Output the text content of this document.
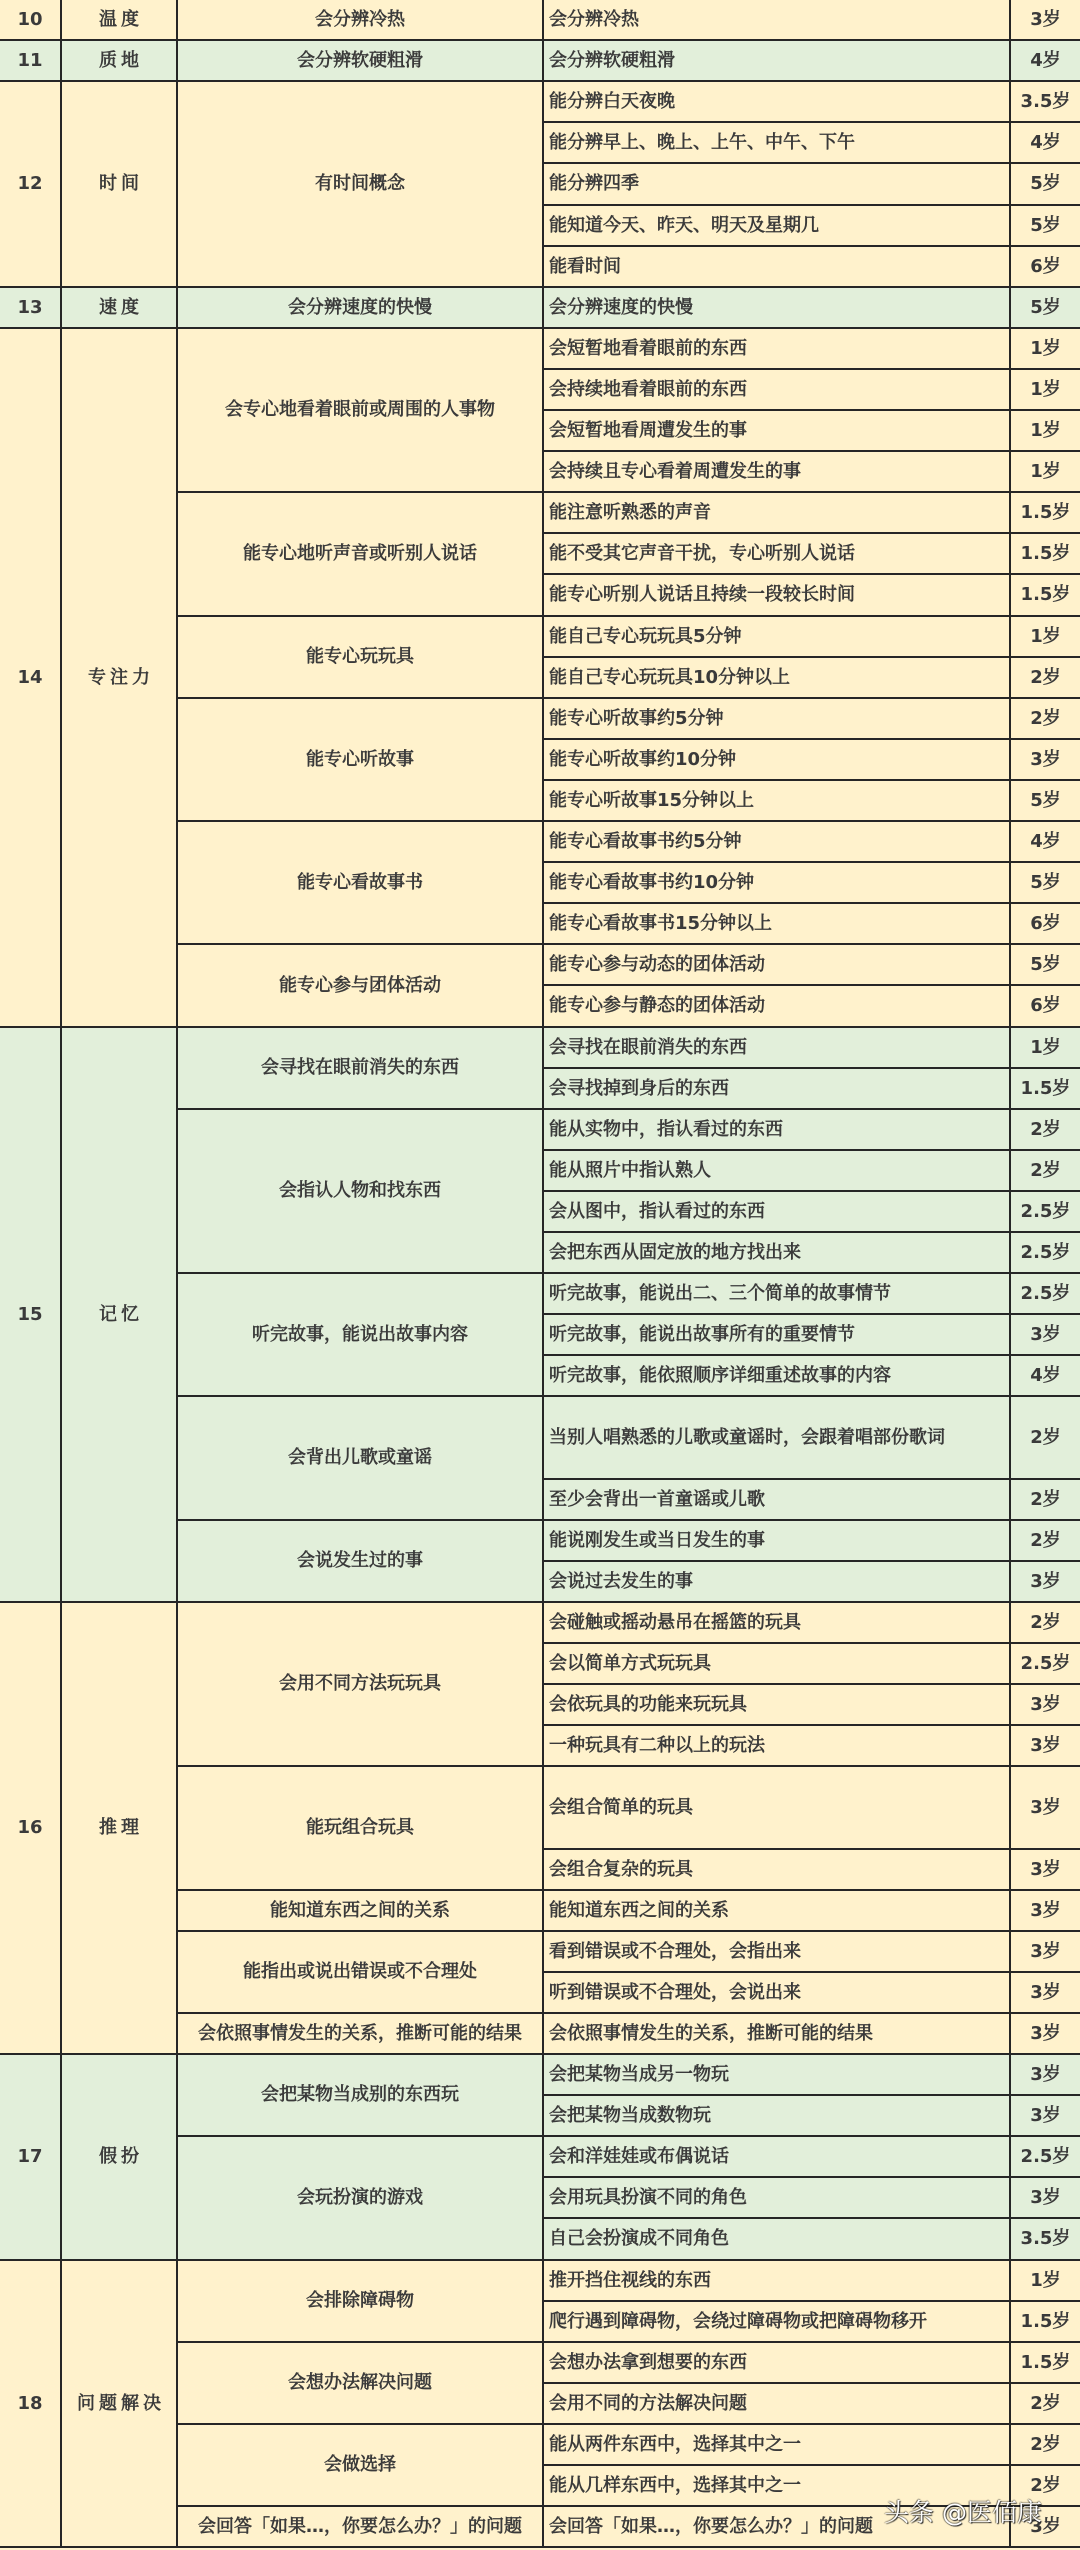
10	温度	会分辨冷热	会分辨冷热	3岁
11	质地	会分辨软硬粗滑	会分辨软硬粗滑	4岁
12	时间	有时间概念
能分辨白天夜晚	3.5岁
能分辨早上、晚上、上午、中午、下午	4岁
能分辨四季	5岁
能知道今天、昨天、明天及星期几	5岁
能看时间	6岁
13	速度	会分辨速度的快慢	会分辨速度的快慢	5岁
14	专注力
会专心地看着眼前或周围的人事物
会短暂地看着眼前的东西	1岁
会持续地看着眼前的东西	1岁
会短暂地看周遭发生的事	1岁
会持续且专心看着周遭发生的事	1岁
能专心地听声音或听别人说话
能注意听熟悉的声音	1.5岁
能不受其它声音干扰，专心听别人说话	1.5岁
能专心听别人说话且持续一段较长时间	1.5岁
能专心玩玩具
能自己专心玩玩具5分钟	1岁
能自己专心玩玩具10分钟以上	2岁
能专心听故事
能专心听故事约5分钟	2岁
能专心听故事约10分钟	3岁
能专心听故事15分钟以上	5岁
能专心看故事书
能专心看故事书约5分钟	4岁
能专心看故事书约10分钟	5岁
能专心看故事书15分钟以上	6岁
能专心参与团体活动
能专心参与动态的团体活动	5岁
能专心参与静态的团体活动	6岁
15	记忆
会寻找在眼前消失的东西
会寻找在眼前消失的东西	1岁
会寻找掉到身后的东西	1.5岁
会指认人物和找东西
能从实物中，指认看过的东西	2岁
能从照片中指认熟人	2岁
会从图中，指认看过的东西	2.5岁
会把东西从固定放的地方找出来	2.5岁
听完故事，能说出故事内容
听完故事，能说出二、三个简单的故事情节	2.5岁
听完故事，能说出故事所有的重要情节	3岁
听完故事，能依照顺序详细重述故事的内容	4岁
会背出儿歌或童谣
当别人唱熟悉的儿歌或童谣时，会跟着唱部份歌词	2岁
至少会背出一首童谣或儿歌	2岁
会说发生过的事
能说刚发生或当日发生的事	2岁
会说过去发生的事	3岁
16	推理
会用不同方法玩玩具
会碰触或摇动悬吊在摇篮的玩具	2岁
会以简单方式玩玩具	2.5岁
会依玩具的功能来玩玩具	3岁
一种玩具有二种以上的玩法	3岁
能玩组合玩具
会组合简单的玩具	3岁
会组合复杂的玩具	3岁
能知道东西之间的关系	能知道东西之间的关系	3岁
能指出或说出错误或不合理处
看到错误或不合理处，会指出来	3岁
听到错误或不合理处，会说出来	3岁
会依照事情发生的关系，推断可能的结果 会依照事情发生的关系，推断可能的结果	3岁
17	假扮
会把某物当成别的东西玩
会把某物当成另一物玩	3岁
会把某物当成数物玩	3岁
会玩扮演的游戏
会和洋娃娃或布偶说话	2.5岁
会用玩具扮演不同的角色	3岁
自己会扮演成不同角色	3.5岁
18 问题解决
会排除障碍物
推开挡住视线的东西	1岁
爬行遇到障碍物，会绕过障碍物或把障碍物移开	1.5岁
会想办法解决问题
会想办法拿到想要的东西	1.5岁
会用不同的方法解决问题	2岁
会做选择
能从两件东西中，选择其中之一	2岁
能从几样东西中，选择其中之一	2岁
会回答「如果…，你要怎么办？」的问题 会回答「如果…，你要怎么办？」的问题	3岁
头条 @医佰康
